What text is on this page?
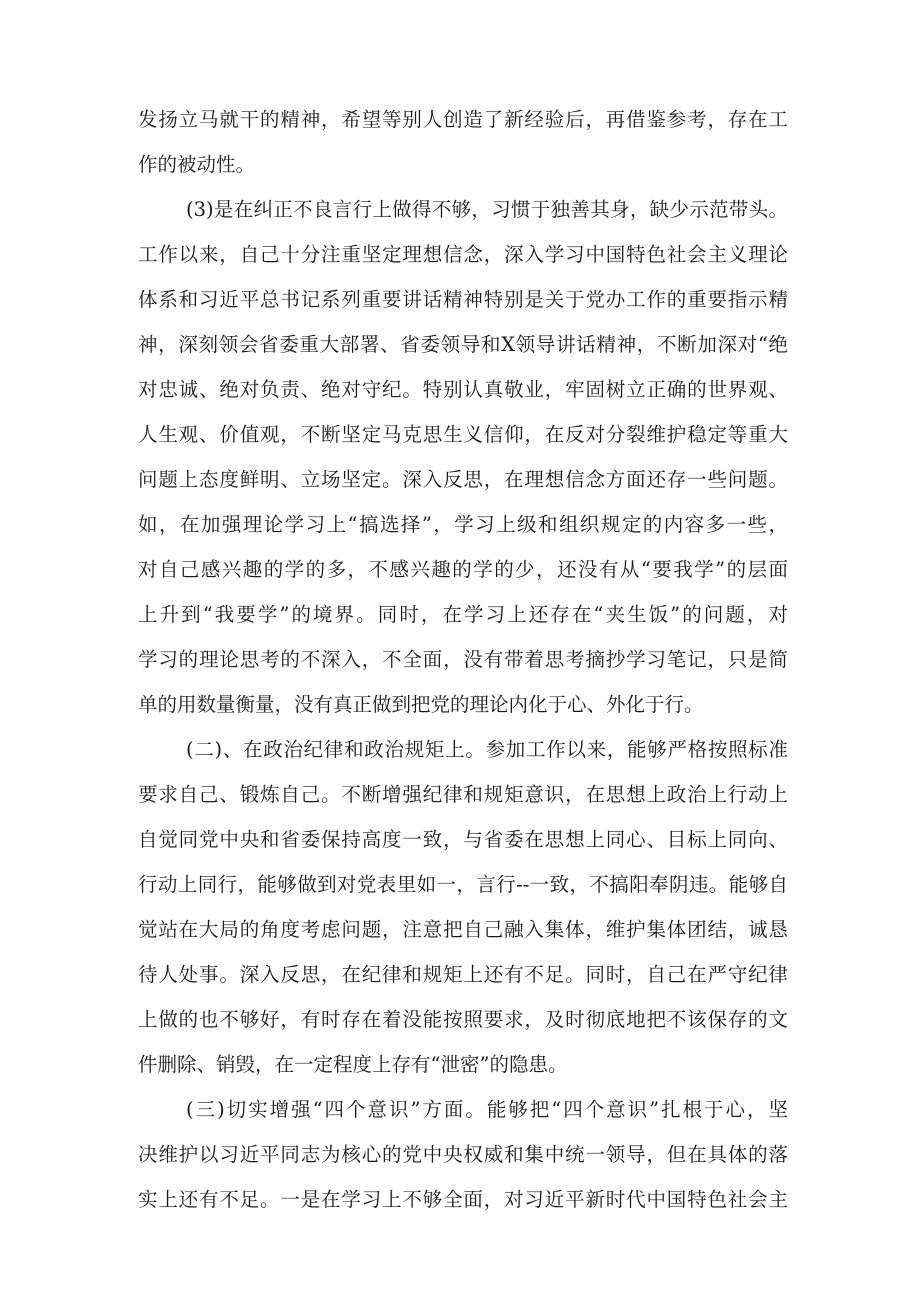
发扬立马就干的精神，希望等别人创造了新经验后，再借鉴参考，存在工
作的被动性。
(3)是在纠正不良言行上做得不够，习惯于独善其身，缺少示范带头。
工作以来，自己十分注重坚定理想信念，深入学习中国特色社会主义理论
体系和习近平总书记系列重要讲话精神特别是关于党办工作的重要指示精
神，深刻领会省委重大部署、省委领导和X领导讲话精神，不断加深对“绝
对忠诚、绝对负责、绝对守纪。特别认真敬业，牢固树立正确的世界观、
人生观、价值观，不断坚定马克思生义信仰，在反对分裂维护稳定等重大
问题上态度鲜明、立场坚定。深入反思，在理想信念方面还存一些问题。
如，在加强理论学习上“搞选择”，学习上级和组织规定的内容多一些，
对自己感兴趣的学的多，不感兴趣的学的少，还没有从“要我学”的层面
上升到“我要学”的境界。同时，在学习上还存在“夹生饭”的问题，对
学习的理论思考的不深入，不全面，没有带着思考摘抄学习笔记，只是简
单的用数量衡量，没有真正做到把党的理论内化于心、外化于行。
(二)、在政治纪律和政治规矩上。参加工作以来，能够严格按照标准
要求自己、锻炼自己。不断增强纪律和规矩意识，在思想上政治上行动上
自觉同党中央和省委保持高度一致，与省委在思想上同心、目标上同向、
行动上同行，能够做到对党表里如一，言行--一致，不搞阳奉阴违。能够自
觉站在大局的角度考虑问题，注意把自己融入集体，维护集体团结，诚恳
待人处事。深入反思，在纪律和规矩上还有不足。同时，自己在严守纪律
上做的也不够好，有时存在着没能按照要求，及时彻底地把不该保存的文
件删除、销毁，在一定程度上存有“泄密”的隐患。
(三)切实增强“四个意识”方面。能够把“四个意识”扎根于心，坚
决维护以习近平同志为核心的党中央权威和集中统一领导，但在具体的落
实上还有不足。一是在学习上不够全面，对习近平新时代中国特色社会主
